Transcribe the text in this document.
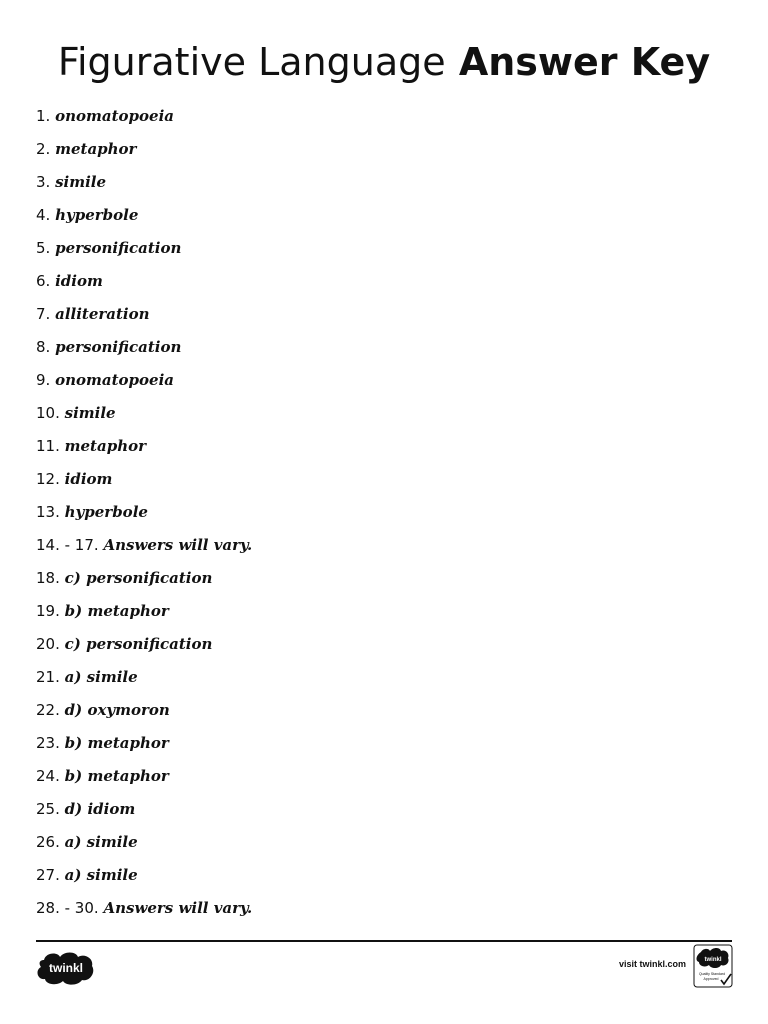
Figurative Language Answer Key
1. onomatopoeia
2. metaphor
3. simile
4. hyperbole
5. personification
6. idiom
7. alliteration
8. personification
9. onomatopoeia
10. simile
11. metaphor
12. idiom
13. hyperbole
14. - 17. Answers will vary.
18. c) personification
19. b) metaphor
20. c) personification
21. a) simile
22. d) oxymoron
23. b) metaphor
24. b) metaphor
25. d) idiom
26. a) simile
27. a) simile
28. - 30. Answers will vary.
twinkl	visit twinkl.com	twinkl
Quality Standard
Approved
